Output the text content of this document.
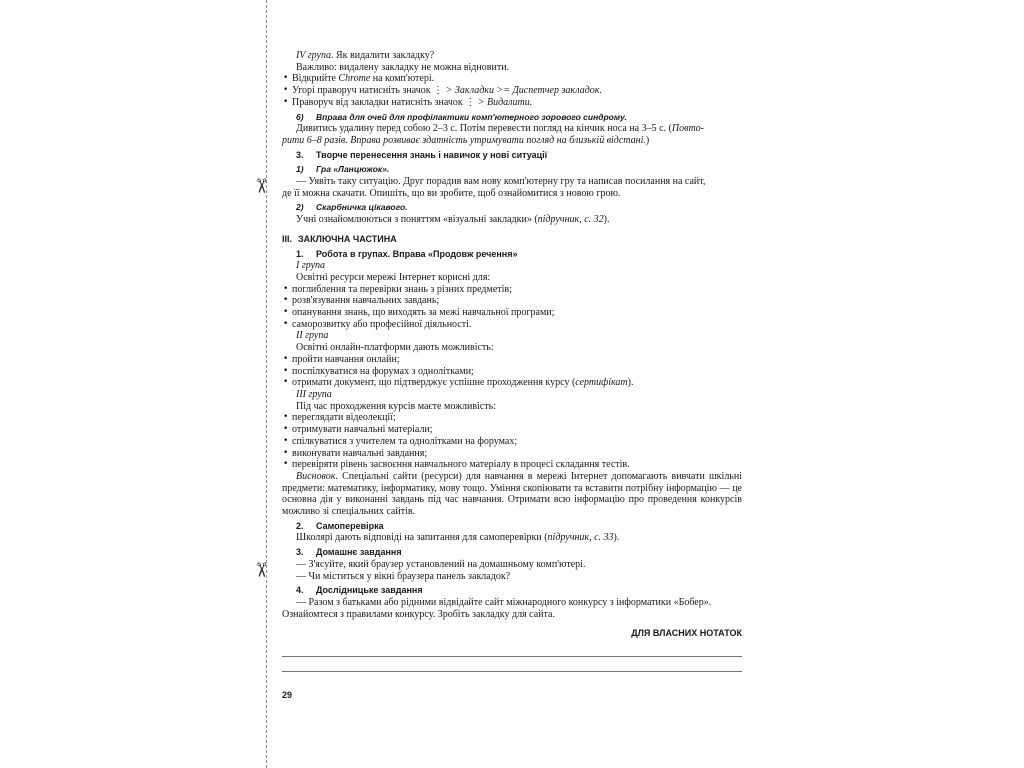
✂
✂

IV група. Як видалити закладку?

Важливо: видалену закладку не можна відновити.

• Відкрийте Chrome на комп'ютері.

• Угорі праворуч натисніть значок ⋮ > Закладки >= Диспетчер закладок.

• Праворуч від закладки натисніть значок ⋮ > Видалити.

6) Вправа для очей для профілактики комп'ютерного зорового синдрому.

Дивитись удалину перед собою 2–3 с. Потім перевести погляд на кінчик носа на 3–5 с. (Повто-

рити 6–8 разів. Вправа розвиває здатність утримувати погляд на близькій відстані.)

3. Творче перенесення знань і навичок у нові ситуації

1) Гра «Ланцюжок».

— Уявіть таку ситуацію. Друг порадив вам нову комп'ютерну гру та написав посилання на сайт,

де її можна скачати. Опишіть, що ви зробите, щоб ознайомитися з новою грою.

2) Скарбничка цікавого.

Учні ознайомлюються з поняттям «візуальні закладки» (підручник, с. 32).

III. ЗАКЛЮЧНА ЧАСТИНА

1. Робота в групах. Вправа «Продовж речення»

I група

Освітні ресурси мережі Інтернет корисні для:

• поглиблення та перевірки знань з різних предметів;

• розв'язування навчальних завдань;

• опанування знань, що виходять за межі навчальної програми;

• саморозвитку або професійної діяльності.

II група

Освітні онлайн-платформи дають можливість:

• пройти навчання онлайн;

• поспілкуватися на форумах з однолітками;

• отримати документ, що підтверджує успішне проходження курсу (сертифікат).

III група

Під час проходження курсів маєте можливість:

• переглядати відеолекції;

• отримувати навчальні матеріали;

• спілкуватися з учителем та однолітками на форумах;

• виконувати навчальні завдання;

• перевіряти рівень засвоєння навчального матеріалу в процесі складання тестів.

Висновок. Спеціальні сайти (ресурси) для навчання в мережі Інтернет допомагають вивчати шкільні предмети: математику, інформатику, мову тощо. Уміння скопіювати та вставити потрібну інформацію — це основна дія у виконанні завдань під час навчання. Отримати всю інформацію про проведення конкурсів можливо зі спеціальних сайтів.

2. Самоперевірка

Школярі дають відповіді на запитання для самоперевірки (підручник, с. 33).

3. Домашнє завдання

— З'ясуйте, який браузер установлений на домашньому комп'ютері.

— Чи міститься у вікні браузера панель закладок?

4. Дослідницьке завдання

— Разом з батьками або рідними відвідайте сайт міжнародного конкурсу з інформатики «Бобер».

Ознайомтеся з правилами конкурсу. Зробіть закладку для сайта.

ДЛЯ ВЛАСНИХ НОТАТОК

29
